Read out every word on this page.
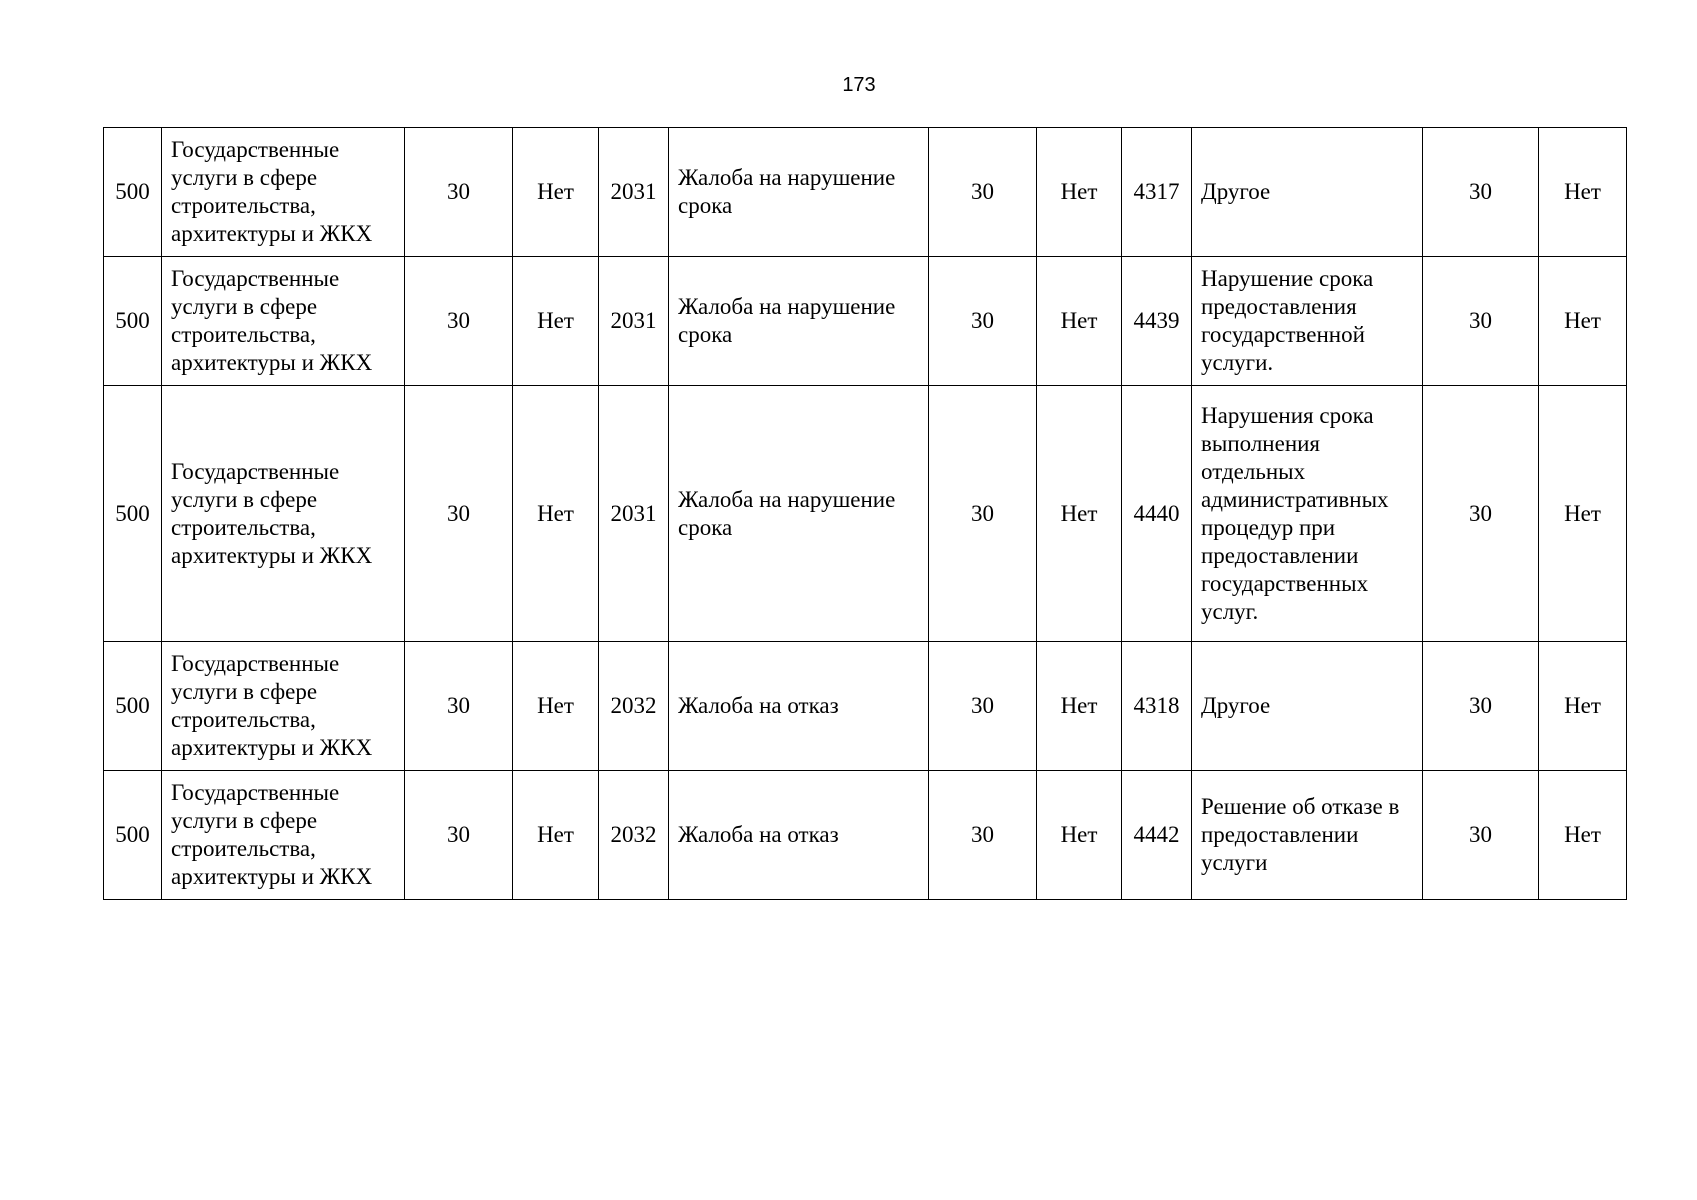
173
500	Государственные услуги в сфере строительства, архитектуры и ЖКХ	30	Нет	2031	Жалоба на нарушение срока	30	Нет	4317	Другое	30	Нет
500	Государственные услуги в сфере строительства, архитектуры и ЖКХ	30	Нет	2031	Жалоба на нарушение срока	30	Нет	4439	Нарушение срока предоставления государственной услуги.	30	Нет
500	Государственные услуги в сфере строительства, архитектуры и ЖКХ	30	Нет	2031	Жалоба на нарушение срока	30	Нет	4440	Нарушения срока выполнения отдельных административных процедур при предоставлении государственных услуг.	30	Нет
500	Государственные услуги в сфере строительства, архитектуры и ЖКХ	30	Нет	2032	Жалоба на отказ	30	Нет	4318	Другое	30	Нет
500	Государственные услуги в сфере строительства, архитектуры и ЖКХ	30	Нет	2032	Жалоба на отказ	30	Нет	4442	Решение об отказе в предоставлении услуги	30	Нет
